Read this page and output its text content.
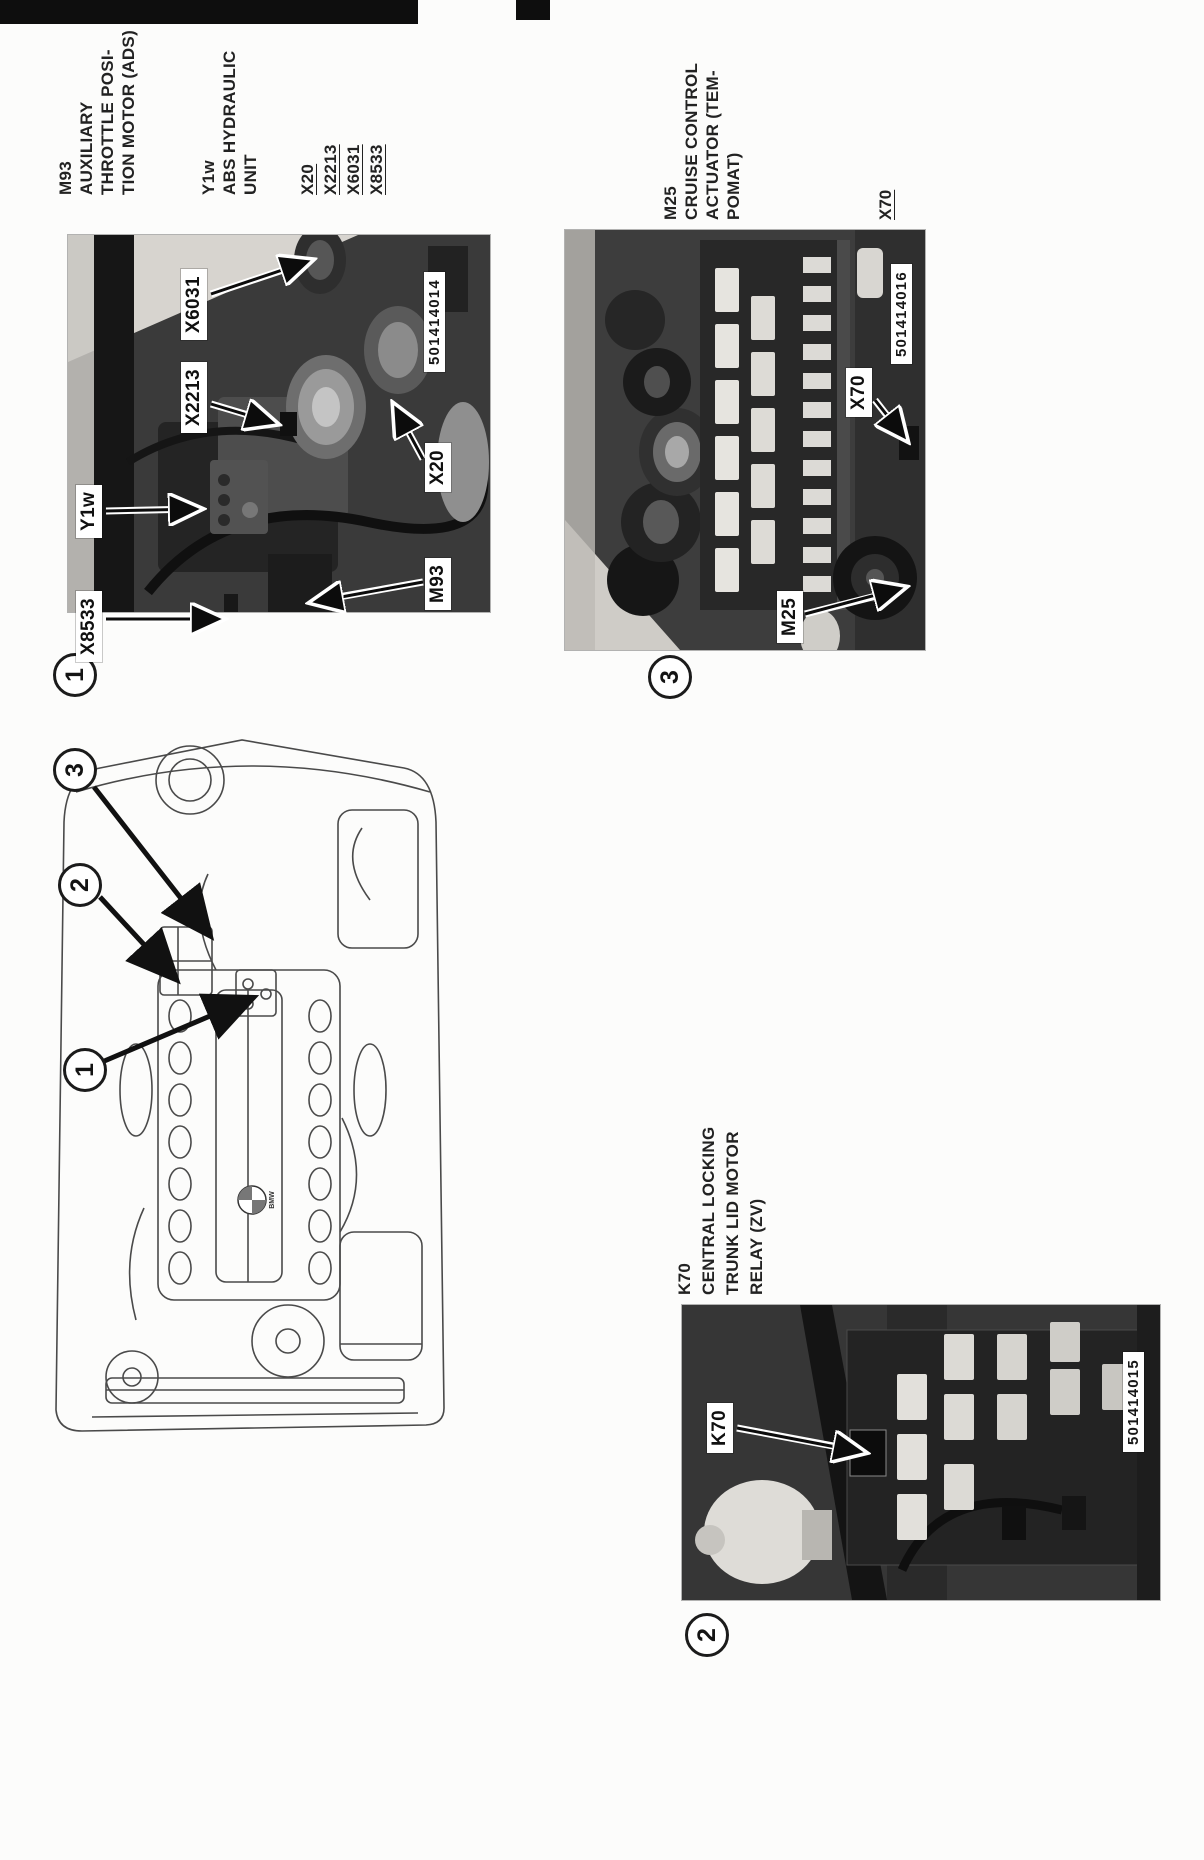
BMW
1
2
3
1
M93 AUXILIARY THROTTLE POSI- TION MOTOR (ADS)	Y1w ABS HYDRAULIC UNIT X20 X2213 X6031 X8533
X8533
Y1w
X2213
X6031
X20
M93
501414014
3
M25 CRUISE CONTROL ACTUATOR (TEM- POMAT)	X70
M25
X70
501414016
2
K70 CENTRAL LOCKING TRUNK LID MOTOR RELAY (ZV)
K70	501414015
